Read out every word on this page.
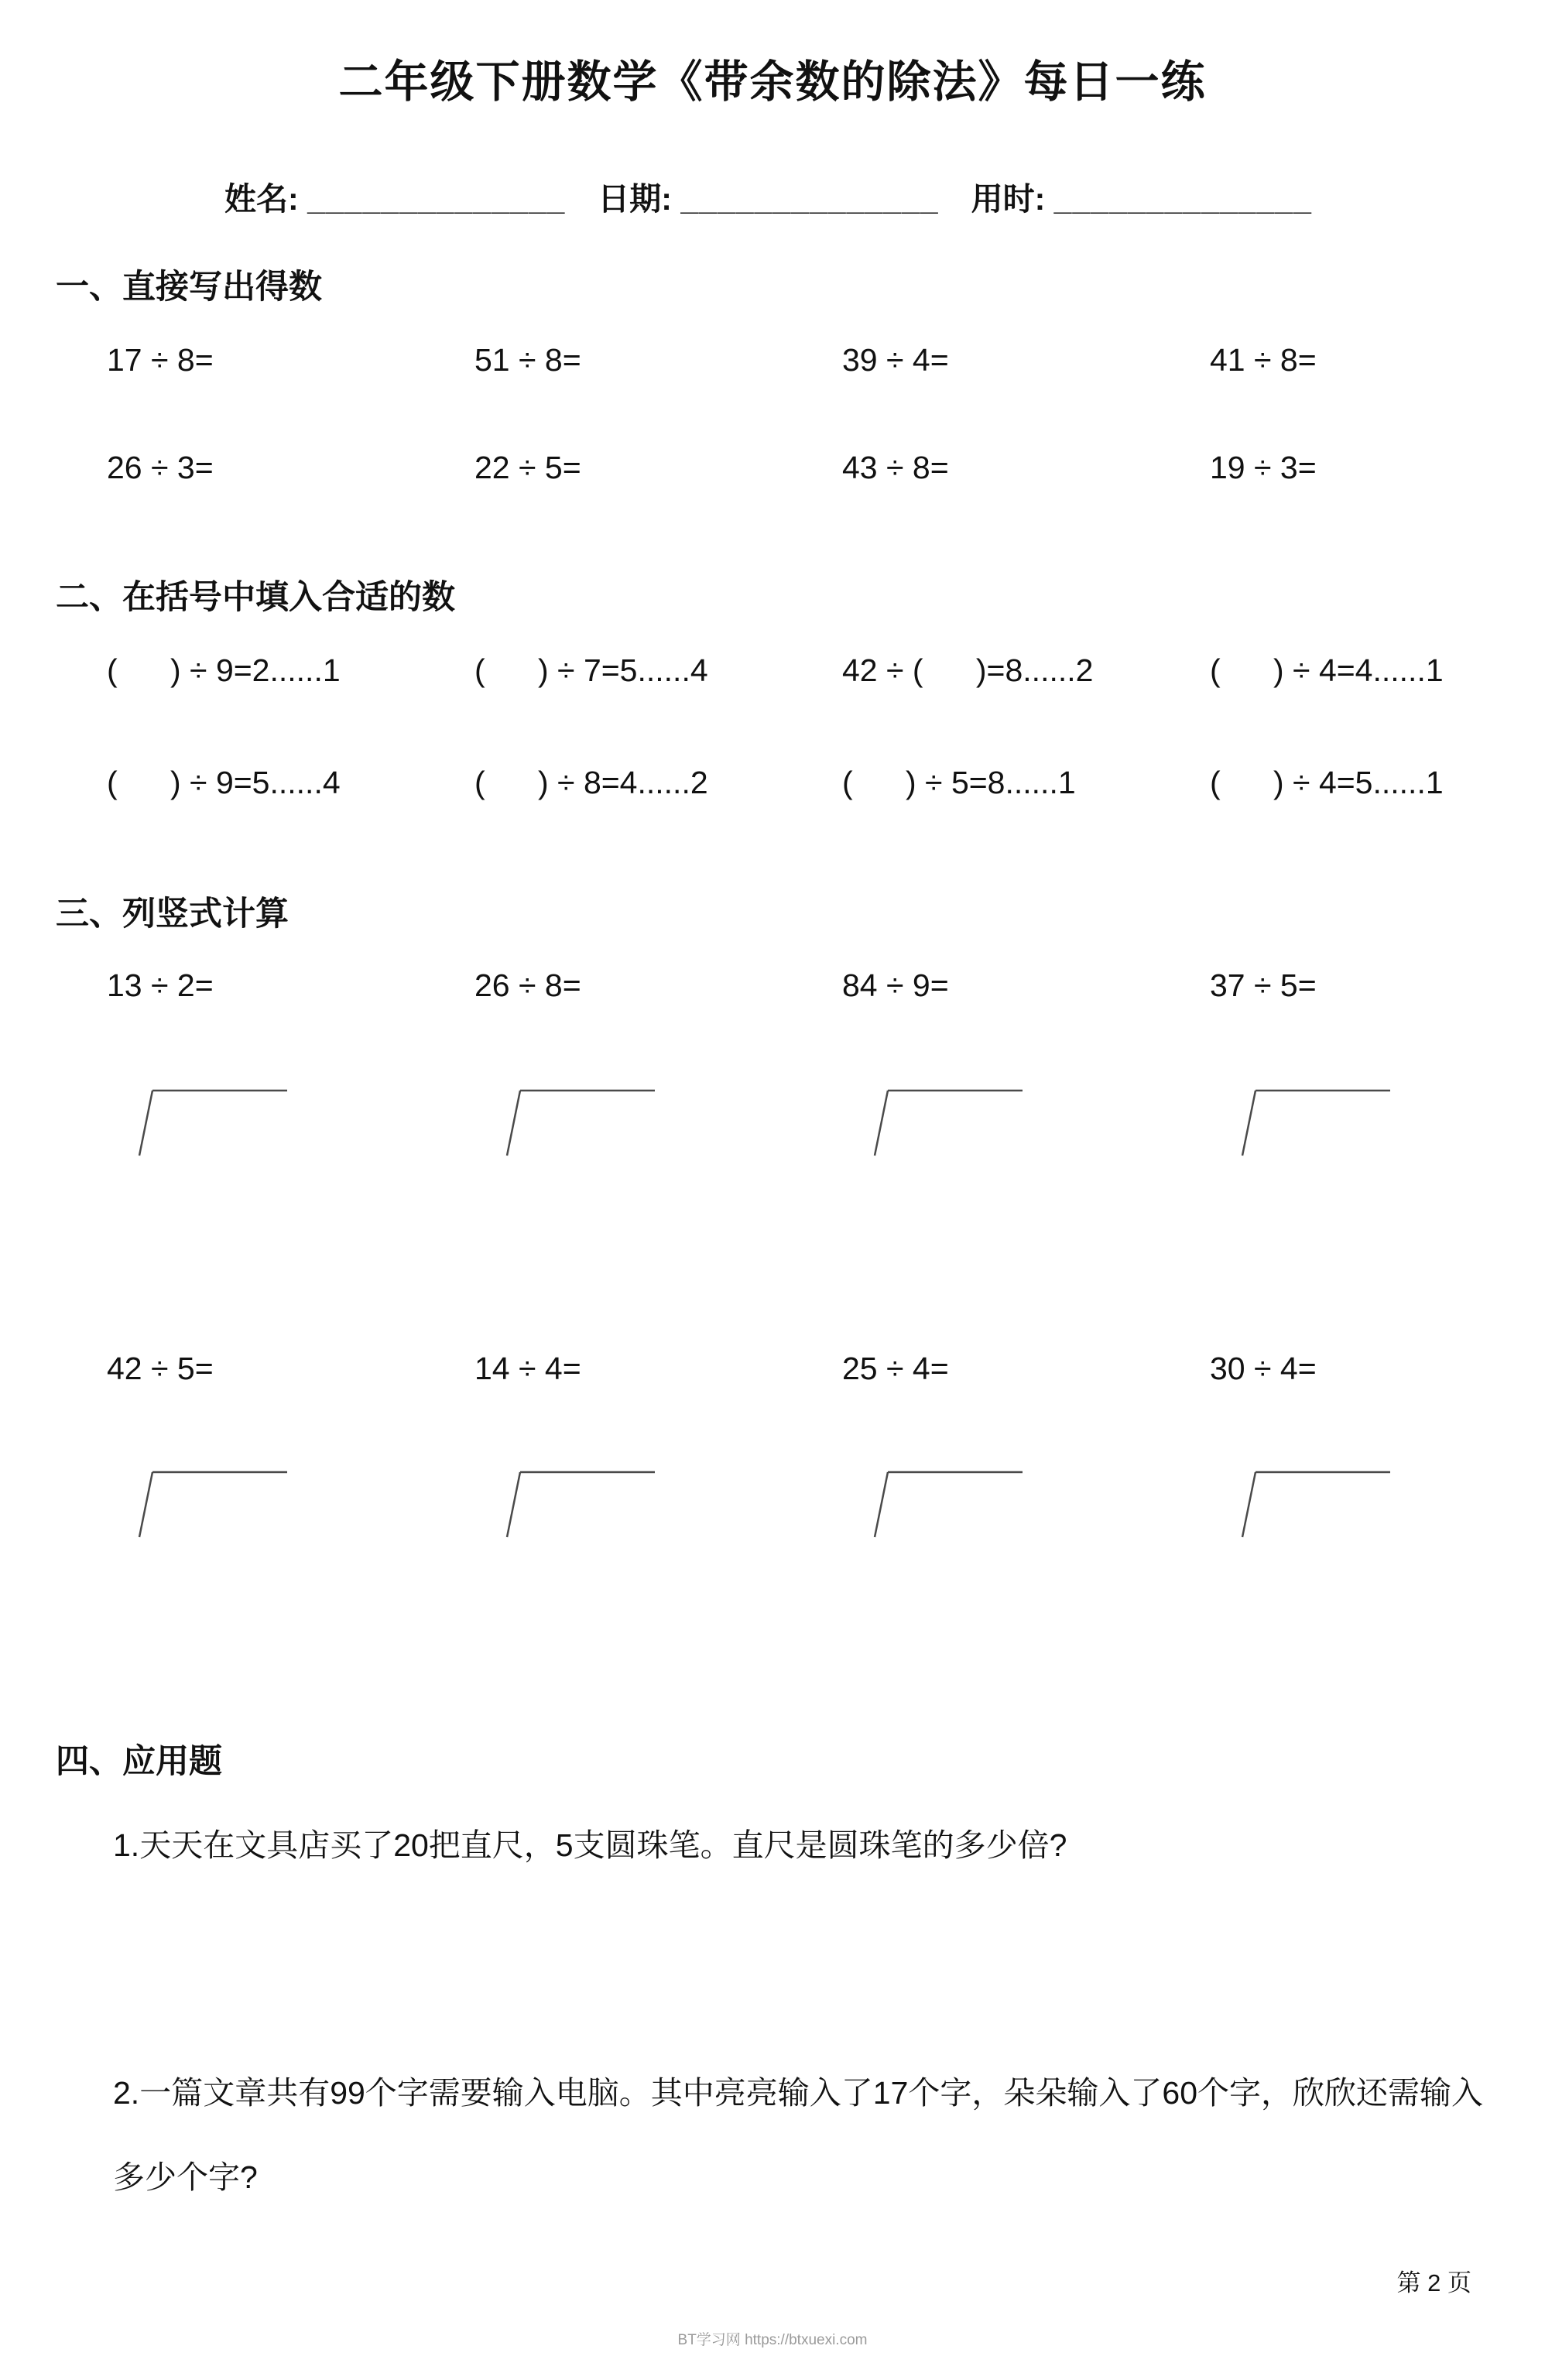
二年级下册数学《带余数的除法》每日一练
姓名: ______________ 日期: ______________ 用时: ______________
一、直接写出得数
17 ÷ 8=	51 ÷ 8=	39 ÷ 4=	41 ÷ 8=
26 ÷ 3=	22 ÷ 5=	43 ÷ 8=	19 ÷ 3=
二、在括号中填入合适的数
(      ) ÷ 9=2......1	(      ) ÷ 7=5......4	42 ÷ (      )=8......2	(      ) ÷ 4=4......1
(      ) ÷ 9=5......4	(      ) ÷ 8=4......2	(      ) ÷ 5=8......1	(      ) ÷ 4=5......1
三、列竖式计算
13 ÷ 2=	26 ÷ 8=	84 ÷ 9=	37 ÷ 5=
42 ÷ 5=	14 ÷ 4=	25 ÷ 4=	30 ÷ 4=
四、应用题
1.天天在文具店买了20把直尺，5支圆珠笔。直尺是圆珠笔的多少倍?
2.一篇文章共有99个字需要输入电脑。其中亮亮输入了17个字，朵朵输入了60个字，欣欣还需输入多少个字?
第 2 页
BT学习网 https://btxuexi.com
